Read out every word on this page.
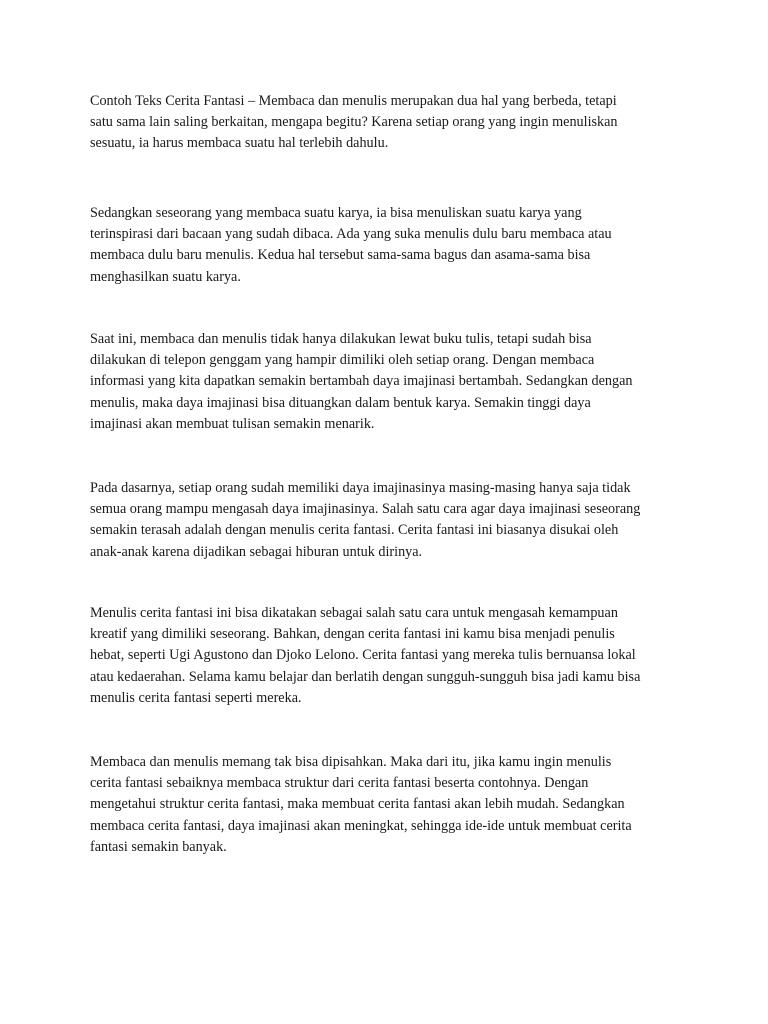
Contoh Teks Cerita Fantasi – Membaca dan menulis merupakan dua hal yang berbeda, tetapi
satu sama lain saling berkaitan, mengapa begitu? Karena setiap orang yang ingin menuliskan
sesuatu, ia harus membaca suatu hal terlebih dahulu.

Sedangkan seseorang yang membaca suatu karya, ia bisa menuliskan suatu karya yang
terinspirasi dari bacaan yang sudah dibaca. Ada yang suka menulis dulu baru membaca atau
membaca dulu baru menulis. Kedua hal tersebut sama-sama bagus dan asama-sama bisa
menghasilkan suatu karya.

Saat ini, membaca dan menulis tidak hanya dilakukan lewat buku tulis, tetapi sudah bisa
dilakukan di telepon genggam yang hampir dimiliki oleh setiap orang. Dengan membaca
informasi yang kita dapatkan semakin bertambah daya imajinasi bertambah. Sedangkan dengan
menulis, maka daya imajinasi bisa dituangkan dalam bentuk karya. Semakin tinggi daya
imajinasi akan membuat tulisan semakin menarik.

Pada dasarnya, setiap orang sudah memiliki daya imajinasinya masing-masing hanya saja tidak
semua orang mampu mengasah daya imajinasinya. Salah satu cara agar daya imajinasi seseorang
semakin terasah adalah dengan menulis cerita fantasi. Cerita fantasi ini biasanya disukai oleh
anak-anak karena dijadikan sebagai hiburan untuk dirinya.

Menulis cerita fantasi ini bisa dikatakan sebagai salah satu cara untuk mengasah kemampuan
kreatif yang dimiliki seseorang. Bahkan, dengan cerita fantasi ini kamu bisa menjadi penulis
hebat, seperti Ugi Agustono dan Djoko Lelono. Cerita fantasi yang mereka tulis bernuansa lokal
atau kedaerahan. Selama kamu belajar dan berlatih dengan sungguh-sungguh bisa jadi kamu bisa
menulis cerita fantasi seperti mereka.

Membaca dan menulis memang tak bisa dipisahkan. Maka dari itu, jika kamu ingin menulis
cerita fantasi sebaiknya membaca struktur dari cerita fantasi beserta contohnya. Dengan
mengetahui struktur cerita fantasi, maka membuat cerita fantasi akan lebih mudah. Sedangkan
membaca cerita fantasi, daya imajinasi akan meningkat, sehingga ide-ide untuk membuat cerita
fantasi semakin banyak.
